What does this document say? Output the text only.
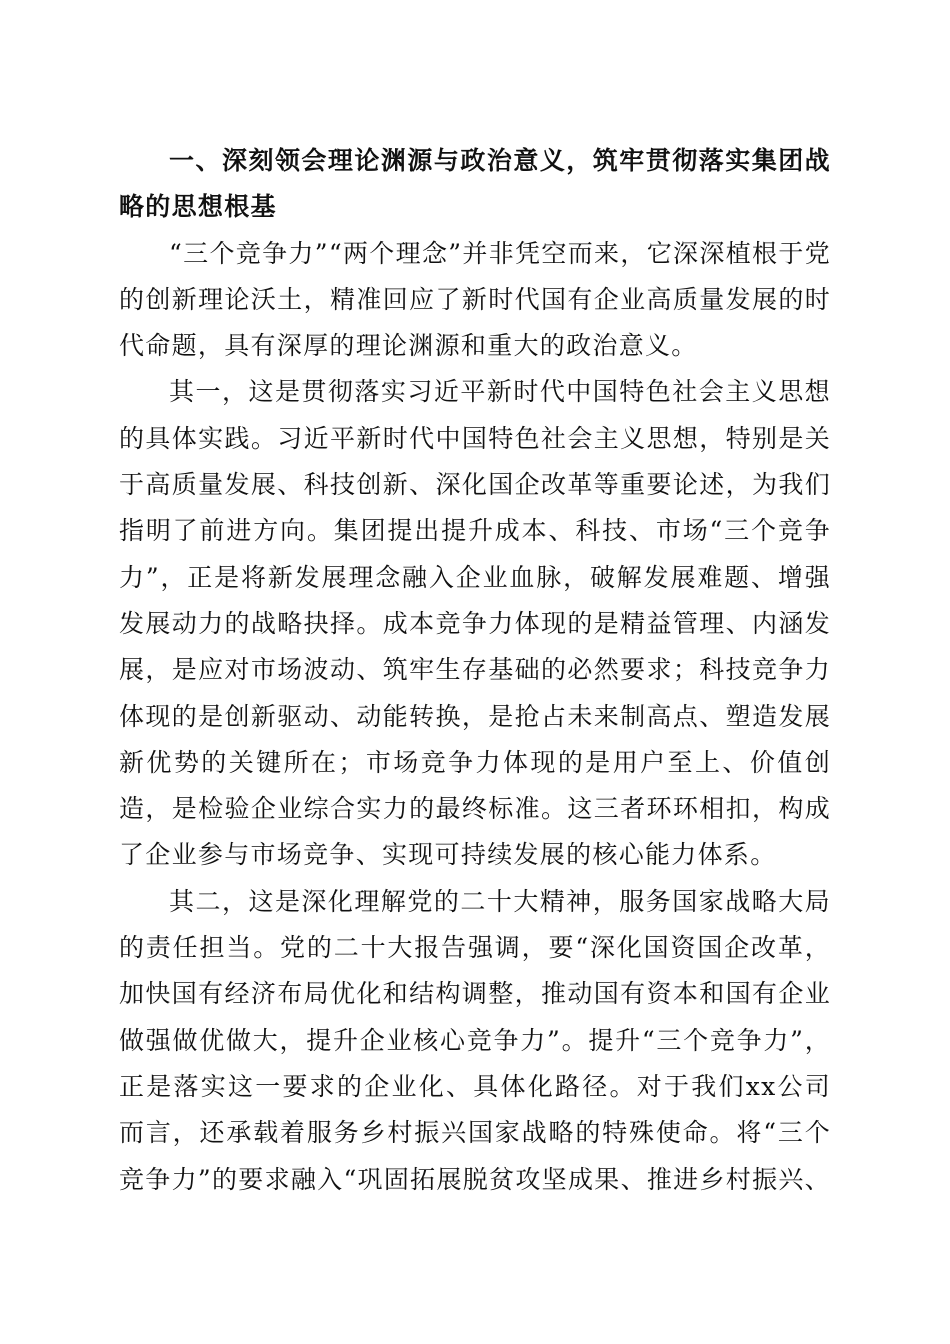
一、深刻领会理论渊源与政治意义，筑牢贯彻落实集团战略的思想根基

“三个竞争力”“两个理念”并非凭空而来，它深深植根于党的创新理论沃土，精准回应了新时代国有企业高质量发展的时代命题，具有深厚的理论渊源和重大的政治意义。

其一，这是贯彻落实习近平新时代中国特色社会主义思想的具体实践。习近平新时代中国特色社会主义思想，特别是关于高质量发展、科技创新、深化国企改革等重要论述，为我们指明了前进方向。集团提出提升成本、科技、市场“三个竞争力”，正是将新发展理念融入企业血脉，破解发展难题、增强发展动力的战略抉择。成本竞争力体现的是精益管理、内涵发展，是应对市场波动、筑牢生存基础的必然要求；科技竞争力体现的是创新驱动、动能转换，是抢占未来制高点、塑造发展新优势的关键所在；市场竞争力体现的是用户至上、价值创造，是检验企业综合实力的最终标准。这三者环环相扣，构成了企业参与市场竞争、实现可持续发展的核心能力体系。

其二，这是深化理解党的二十大精神，服务国家战略大局的责任担当。党的二十大报告强调，要“深化国资国企改革，加快国有经济布局优化和结构调整，推动国有资本和国有企业做强做优做大，提升企业核心竞争力”。提升“三个竞争力”，正是落实这一要求的企业化、具体化路径。对于我们xx公司而言，还承载着服务乡村振兴国家战略的特殊使命。将“三个竞争力”的要求融入“巩固拓展脱贫攻坚成果、推进乡村振兴、
